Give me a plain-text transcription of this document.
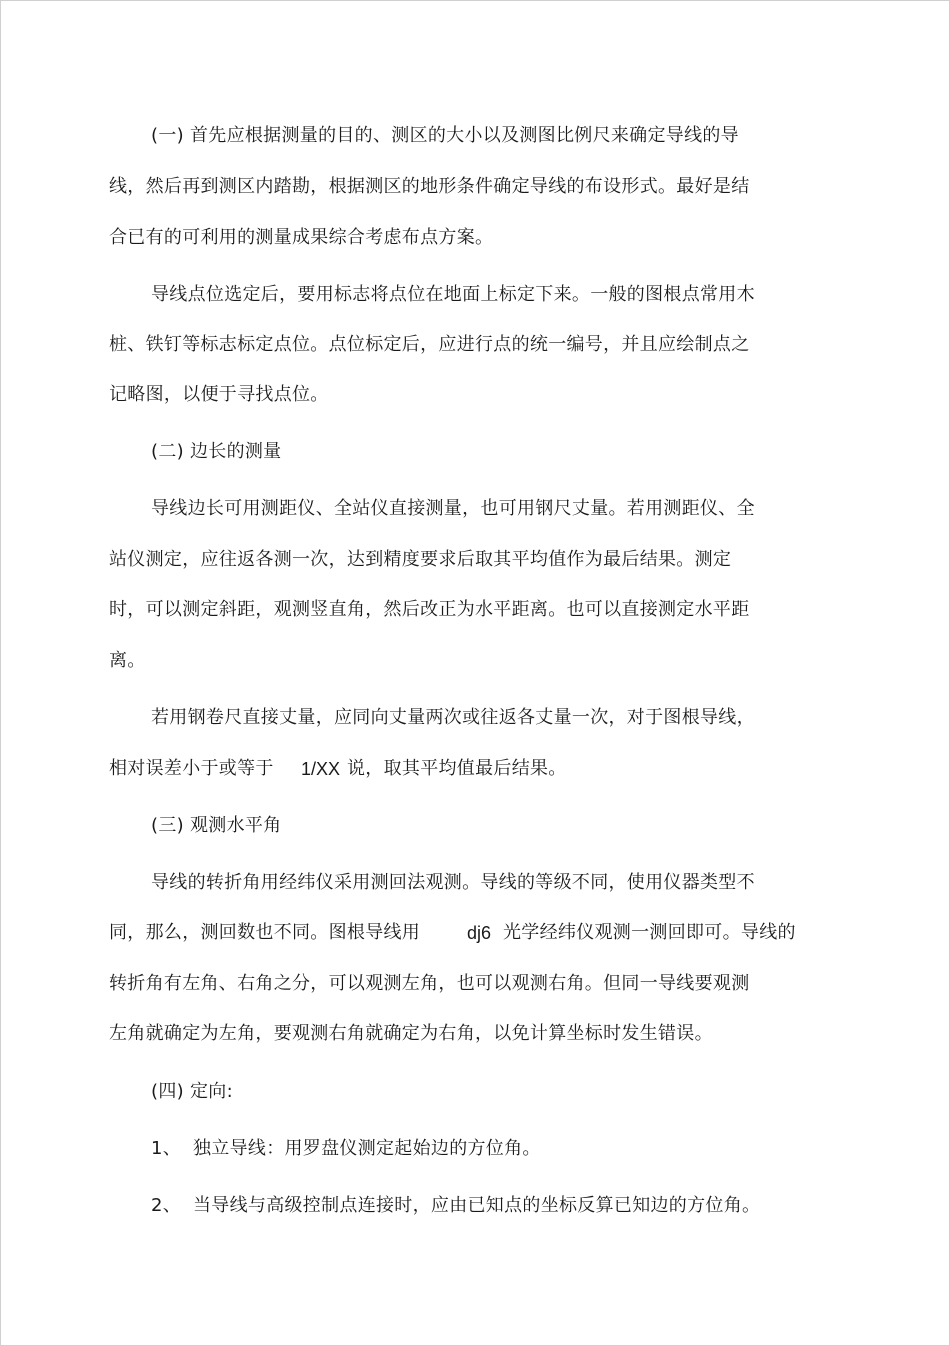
(一) 首先应根据测量的目的、测区的大小以及测图比例尺来确定导线的导
线，然后再到测区内踏勘，根据测区的地形条件确定导线的布设形式。最好是结
合已有的可利用的测量成果综合考虑布点方案。
导线点位选定后，要用标志将点位在地面上标定下来。一般的图根点常用木
桩、铁钉等标志标定点位。点位标定后，应进行点的统一编号，并且应绘制点之
记略图，以便于寻找点位。
(二) 边长的测量
导线边长可用测距仪、全站仪直接测量，也可用钢尺丈量。若用测距仪、全
站仪测定，应往返各测一次，达到精度要求后取其平均值作为最后结果。测定
时，可以测定斜距，观测竖直角，然后改正为水平距离。也可以直接测定水平距
离。
若用钢卷尺直接丈量，应同向丈量两次或往返各丈量一次，对于图根导线，
相对误差小于或等于 1/XX 说，取其平均值最后结果。
(三) 观测水平角
导线的转折角用经纬仪采用测回法观测。导线的等级不同，使用仪器类型不
同，那么，测回数也不同。图根导线用	dj6 光学经纬仪观测一测回即可。导线的
转折角有左角、右角之分，可以观测左角，也可以观测右角。但同一导线要观测
左角就确定为左角，要观测右角就确定为右角，以免计算坐标时发生错误。
(四) 定向:
1、 独立导线：用罗盘仪测定起始边的方位角。
2、 当导线与高级控制点连接时，应由已知点的坐标反算已知边的方位角。
